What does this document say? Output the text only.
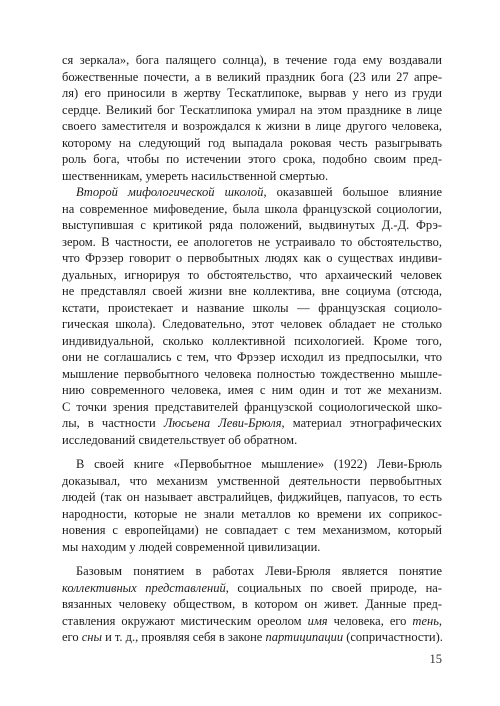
ся зеркала», бога палящего солнца), в течение года ему воздавали
божественные почести, а в великий праздник бога (23 или 27 апре-
ля) его приносили в жертву Тескатлипоке, вырвав у него из груди
сердце. Великий бог Тескатлипока умирал на этом празднике в лице
своего заместителя и возрождался к жизни в лице другого человека,
которому на следующий год выпадала роковая честь разыгрывать
роль бога, чтобы по истечении этого срока, подобно своим пред-
шественникам, умереть насильственной смертью.
Второй мифологической школой, оказавшей большое влияние
на современное мифоведение, была школа французской социологии,
выступившая с критикой ряда положений, выдвинутых Д.-Д. Фрэ-
зером. В частности, ее апологетов не устраивало то обстоятельство,
что Фрэзер говорит о первобытных людях как о существах индиви-
дуальных, игнорируя то обстоятельство, что архаический человек
не представлял своей жизни вне коллектива, вне социума (отсюда,
кстати, проистекает и название школы — французская социоло-
гическая школа). Следовательно, этот человек обладает не столько
индивидуальной, сколько коллективной психологией. Кроме того,
они не соглашались с тем, что Фрэзер исходил из предпосылки, что
мышление первобытного человека полностью тождественно мышле-
нию современного человека, имея с ним один и тот же механизм.
С точки зрения представителей французской социологической шко-
лы, в частности Люсьена Леви-Брюля, материал этнографических
исследований свидетельствует об обратном.
В своей книге «Первобытное мышление» (1922) Леви-Брюль
доказывал, что механизм умственной деятельности первобытных
людей (так он называет австралийцев, фиджийцев, папуасов, то есть
народности, которые не знали металлов ко времени их соприкос-
новения с европейцами) не совпадает с тем механизмом, который
мы находим у людей современной цивилизации.
Базовым понятием в работах Леви-Брюля является понятие
коллективных представлений, социальных по своей природе, на-
вязанных человеку обществом, в котором он живет. Данные пред-
ставления окружают мистическим ореолом имя человека, его тень,
его сны и т. д., проявляя себя в законе партиципации (сопричастности).
15
